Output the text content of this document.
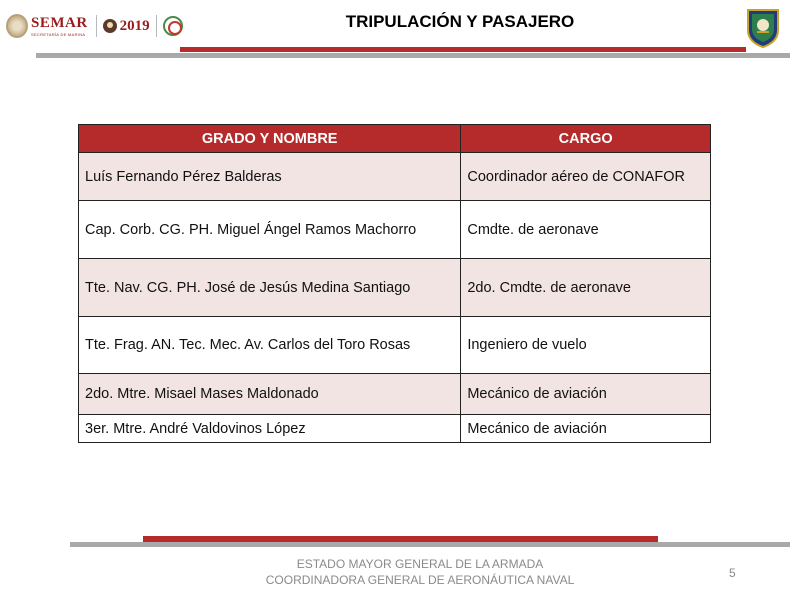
SEMAR
SECRETARÍA DE MARINA
2019	TRIPULACIÓN Y PASAJERO
GRADO Y NOMBRE	CARGO
Luís Fernando Pérez Balderas	Coordinador aéreo de CONAFOR
Cap. Corb. CG. PH. Miguel Ángel Ramos Machorro	Cmdte. de aeronave
Tte. Nav. CG. PH. José de Jesús Medina Santiago	2do. Cmdte. de aeronave
Tte. Frag. AN. Tec. Mec. Av. Carlos del Toro Rosas	Ingeniero de vuelo
2do. Mtre. Misael Mases Maldonado	Mecánico de aviación
3er. Mtre. André Valdovinos López	Mecánico de aviación
ESTADO MAYOR GENERAL DE LA ARMADA
COORDINADORA GENERAL DE AERONÁUTICA NAVAL	5
